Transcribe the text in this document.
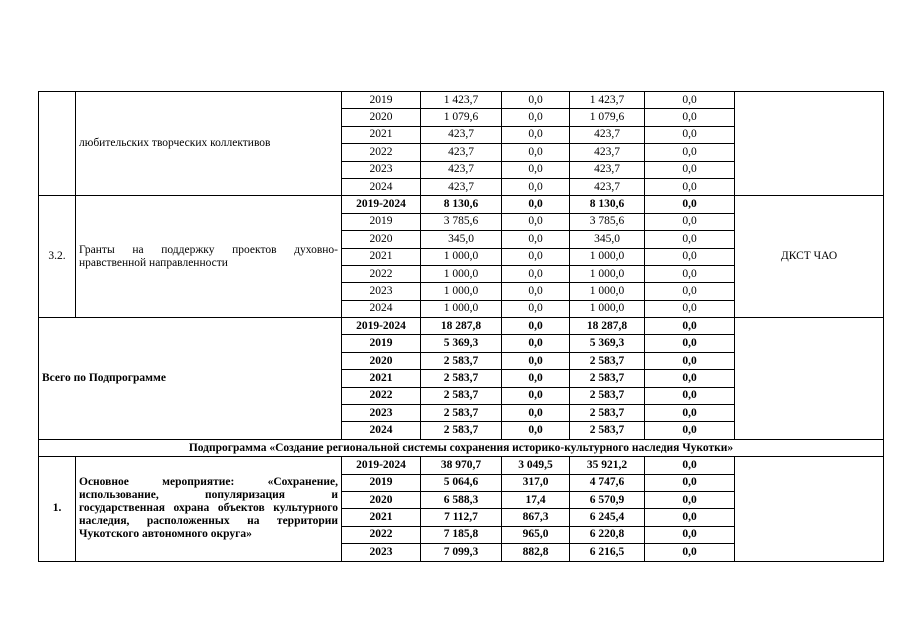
	любительских творческих коллективов	2019	1 423,7	0,0	1 423,7	0,0	
		2020	1 079,6	0,0	1 079,6	0,0	
		2021	423,7	0,0	423,7	0,0	
		2022	423,7	0,0	423,7	0,0	
		2023	423,7	0,0	423,7	0,0	
		2024	423,7	0,0	423,7	0,0	
3.2.	Гранты на поддержку проектов духовно-нравственной направленности	2019-2024	8 130,6	0,0	8 130,6	0,0	ДКСТ ЧАО
		2019	3 785,6	0,0	3 785,6	0,0	
		2020	345,0	0,0	345,0	0,0	
		2021	1 000,0	0,0	1 000,0	0,0	
		2022	1 000,0	0,0	1 000,0	0,0	
		2023	1 000,0	0,0	1 000,0	0,0	
		2024	1 000,0	0,0	1 000,0	0,0	
Всего по Подпрограмме		2019-2024	18 287,8	0,0	18 287,8	0,0	
		2019	5 369,3	0,0	5 369,3	0,0	
		2020	2 583,7	0,0	2 583,7	0,0	
		2021	2 583,7	0,0	2 583,7	0,0	
		2022	2 583,7	0,0	2 583,7	0,0	
		2023	2 583,7	0,0	2 583,7	0,0	
		2024	2 583,7	0,0	2 583,7	0,0	
Подпрограмма «Создание региональной системы сохранения историко-культурного наследия Чукотки»							
1.	Основное мероприятие: «Сохранение, использование, популяризация и государственная охрана объектов культурного наследия, расположенных на территории Чукотского автономного округа»	2019-2024	38 970,7	3 049,5	35 921,2	0,0	
		2019	5 064,6	317,0	4 747,6	0,0	
		2020	6 588,3	17,4	6 570,9	0,0	
		2021	7 112,7	867,3	6 245,4	0,0	
		2022	7 185,8	965,0	6 220,8	0,0	
		2023	7 099,3	882,8	6 216,5	0,0	
